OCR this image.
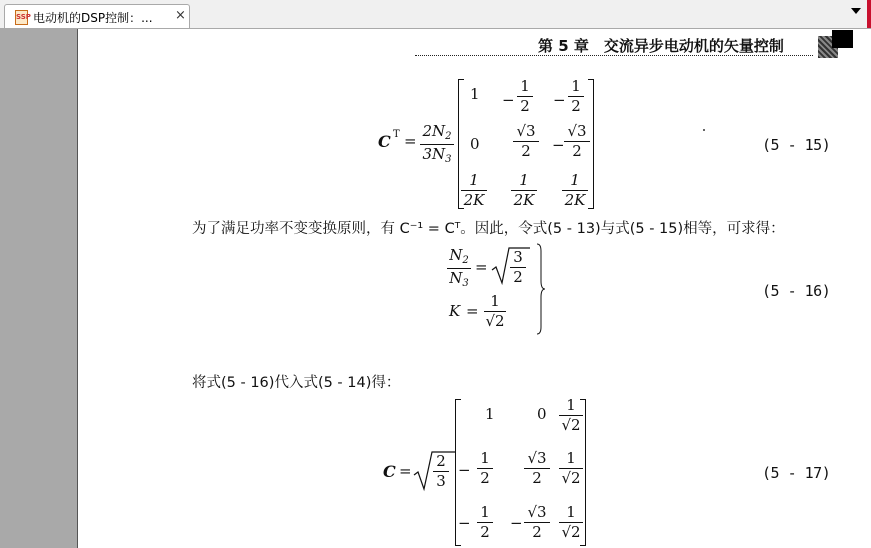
SSP 电动机的DSP控制：... ×
第 5 章　交流异步电动机的矢量控制
C $T = \frac{2N_2}{3N_3}$
$1 - \frac{1}{2} - \frac{1}{2}$
$0 \frac{√3}{2} - \frac{√3}{2}$
$\frac{1}{2K} \frac{1}{2K} \frac{1}{2K}$
(5 - 15)
为了满足功率不变变换原则，有 C⁻¹ = Cᵀ。因此，令式(5 - 13)与式(5 - 15)相等，可求得：
$\frac{N_2}{N_3} = \frac{3}{2}$
$K = \frac{1}{√2}$
(5 - 16)
将式(5 - 16)代入式(5 - 14)得：
$C = \frac{2}{3}$
1	$0 \frac{1}{√2}$
− $\frac{1}{2} \frac{√3}{2} \frac{1}{√2}$
− $\frac{1}{2} - \frac{√3}{2} \frac{1}{√2}$
(5 - 17)
